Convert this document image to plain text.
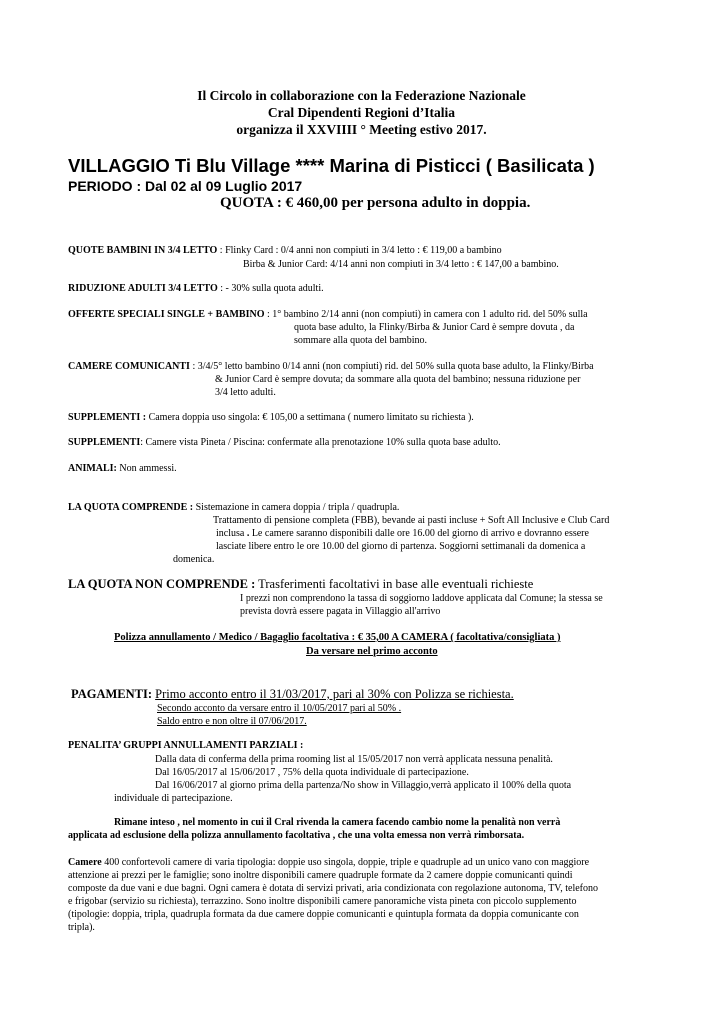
Il Circolo in collaborazione con la Federazione Nazionale
Cral Dipendenti Regioni d’Italia
organizza il XXVIIII ° Meeting estivo 2017.
VILLAGGIO Ti Blu Village **** Marina di Pisticci ( Basilicata )
PERIODO : Dal 02 al 09 Luglio 2017
QUOTA : € 460,00 per persona adulto in doppia.
QUOTE BAMBINI IN 3/4 LETTO : Flinky Card : 0/4 anni non compiuti in 3/4 letto : € 119,00 a bambino
Birba & Junior Card: 4/14 anni non compiuti in 3/4 letto : € 147,00 a bambino.
RIDUZIONE ADULTI 3/4 LETTO : - 30% sulla quota adulti.
OFFERTE SPECIALI SINGLE + BAMBINO : 1° bambino 2/14 anni (non compiuti) in camera con 1 adulto rid. del 50% sulla
quota base adulto, la Flinky/Birba & Junior Card è sempre dovuta , da
sommare alla quota del bambino.
CAMERE COMUNICANTI : 3/4/5° letto bambino 0/14 anni (non compiuti) rid. del 50% sulla quota base adulto, la Flinky/Birba
& Junior Card è sempre dovuta; da sommare alla quota del bambino; nessuna riduzione per
3/4 letto adulti.
SUPPLEMENTI : Camera doppia uso singola: € 105,00 a settimana ( numero limitato su richiesta ).
SUPPLEMENTI: Camere vista Pineta / Piscina: confermate alla prenotazione 10% sulla quota base adulto.
ANIMALI: Non ammessi.
LA QUOTA COMPRENDE : Sistemazione in camera doppia / tripla / quadrupla.
Trattamento di pensione completa (FBB), bevande ai pasti incluse + Soft All Inclusive e Club Card
inclusa . Le camere saranno disponibili dalle ore 16.00 del giorno di arrivo e dovranno essere
lasciate libere entro le ore 10.00 del giorno di partenza. Soggiorni settimanali da domenica a
domenica.
LA QUOTA NON COMPRENDE : Trasferimenti facoltativi in base alle eventuali richieste
I prezzi non comprendono la tassa di soggiorno laddove applicata dal Comune; la stessa se
prevista dovrà essere pagata in Villaggio all'arrivo
Polizza annullamento / Medico / Bagaglio facoltativa : € 35,00 A CAMERA ( facoltativa/consigliata )
Da versare nel primo acconto
PAGAMENTI: Primo acconto entro il 31/03/2017, pari al 30% con Polizza se richiesta.
Secondo acconto da versare entro il 10/05/2017 pari al 50% .
Saldo entro e non oltre il 07/06/2017.
PENALITA’ GRUPPI ANNULLAMENTI PARZIALI :
Dalla data di conferma della prima rooming list al 15/05/2017 non verrà applicata nessuna penalità.
Dal 16/05/2017 al 15/06/2017 , 75% della quota individuale di partecipazione.
Dal 16/06/2017 al giorno prima della partenza/No show in Villaggio,verrà applicato il 100% della quota
individuale di partecipazione.
Rimane inteso , nel momento in cui il Cral rivenda la camera facendo cambio nome la penalità non verrà
applicata ad esclusione della polizza annullamento facoltativa , che una volta emessa non verrà rimborsata.
Camere 400 confortevoli camere di varia tipologia: doppie uso singola, doppie, triple e quadruple ad un unico vano con maggiore
attenzione ai prezzi per le famiglie; sono inoltre disponibili camere quadruple formate da 2 camere doppie comunicanti quindi
composte da due vani e due bagni. Ogni camera è dotata di servizi privati, aria condizionata con regolazione autonoma, TV, telefono
e frigobar (servizio su richiesta), terrazzino. Sono inoltre disponibili camere panoramiche vista pineta con piccolo supplemento
(tipologie: doppia, tripla, quadrupla formata da due camere doppie comunicanti e quintupla formata da doppia comunicante con
tripla).
